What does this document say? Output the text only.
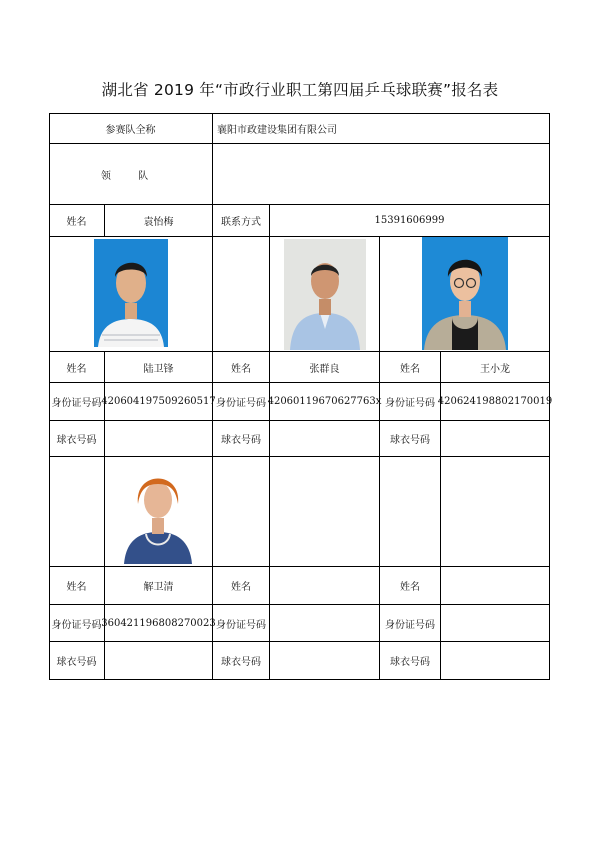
湖北省 2019 年“市政行业职工第四届乒乓球联赛”报名表
参赛队全称	襄阳市政建设集团有限公司
领 队
姓名	袁怡梅	联系方式	15391606999
姓名	陆卫锋	姓名	张群良	姓名	王小龙
身份证号码 420604197509260517 身份证号码 42060119670627763x 身份证号码 420624198802170019
球衣号码	球衣号码	球衣号码
姓名	解卫清	姓名	姓名
身份证号码 360421196808270023 身份证号码	身份证号码
球衣号码	球衣号码	球衣号码
